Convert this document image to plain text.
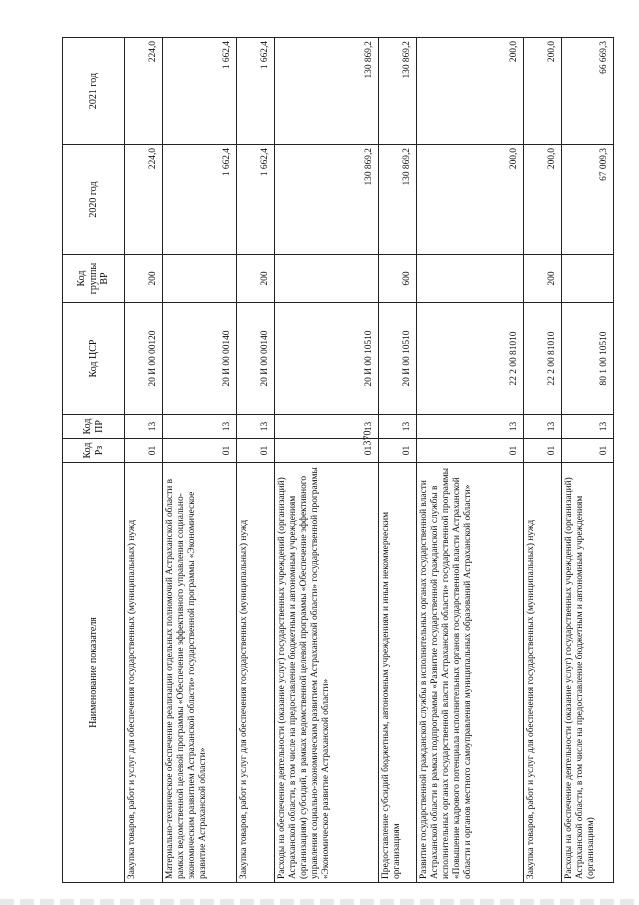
370
Наименование показателя	Код Рз	Код ПР	Код ЦСР	Код группы ВР	2020 год	2021 год
Закупка товаров, работ и услуг для обеспечения государственных (муниципальных) нужд	01	13	20 И 00 00120	200	224,0	224,0
Материально-техническое обеспечение реализации отдельных полномочий Астраханской области в рамках ведомственной целевой программы «Обеспечение эффективного управления социально-экономическим развитием Астраханской области» государственной программы «Экономическое развитие Астраханской области»	01	13	20 И 00 00140		1 662,4	1 662,4
Закупка товаров, работ и услуг для обеспечения государственных (муниципальных) нужд	01	13	20 И 00 00140	200	1 662,4	1 662,4
Расходы на обеспечение деятельности (оказание услуг) государственных учреждений (организаций) Астраханской области, в том числе на предоставление бюджетным и автономным учреждениям (организациям) субсидий, в рамках ведомственной целевой программы «Обеспечение эффективного управления социально-экономическим развитием Астраханской области» государственной программы «Экономическое развитие Астраханской области»	01	13	20 И 00 10510		130 869,2	130 869,2
Предоставление субсидий бюджетным, автономным учреждениям и иным некоммерческим организациям	01	13	20 И 00 10510	600	130 869,2	130 869,2
Развитие государственной гражданской службы в исполнительных органах государственной власти Астраханской области в рамках подпрограммы «Развитие государственной гражданской службы в исполнительных органах государственной власти Астраханской области» государственной программы «Повышение кадрового потенциала исполнительных органов государственной власти Астраханской области и органов местного самоуправления муниципальных образований Астраханской области»	01	13	22 2 00 81010		200,0	200,0
Закупка товаров, работ и услуг для обеспечения государственных (муниципальных) нужд	01	13	22 2 00 81010	200	200,0	200,0
Расходы на обеспечение деятельности (оказание услуг) государственных учреждений (организаций) Астраханской области, в том числе на предоставление бюджетным и автономным учреждениям (организациям)	01	13	80 1 00 10510		67 009,3	66 669,3
